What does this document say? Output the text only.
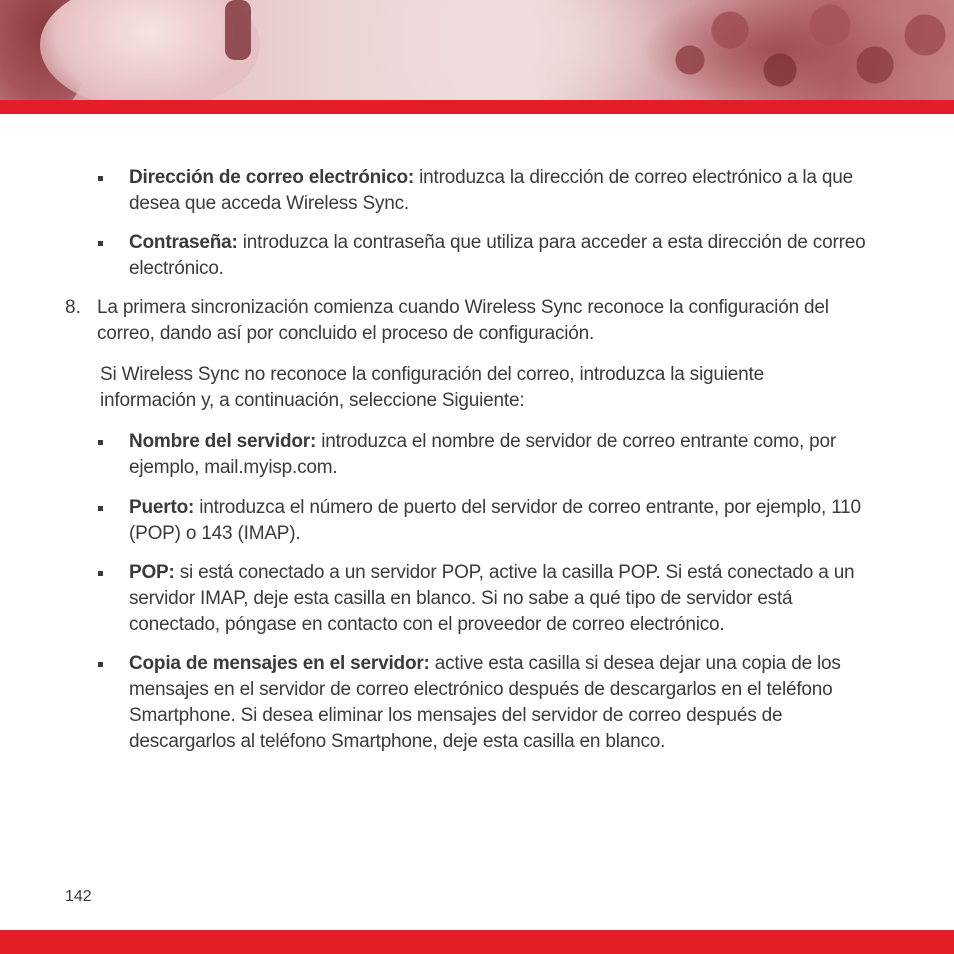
Dirección de correo electrónico: introduzca la dirección de correo electrónico a la que desea que acceda Wireless Sync.
Contraseña: introduzca la contraseña que utiliza para acceder a esta dirección de correo electrónico.
8. La primera sincronización comienza cuando Wireless Sync reconoce la configuración del correo, dando así por concluido el proceso de configuración.
Si Wireless Sync no reconoce la configuración del correo, introduzca la siguiente información y, a continuación, seleccione Siguiente:
Nombre del servidor: introduzca el nombre de servidor de correo entrante como, por ejemplo, mail.myisp.com.
Puerto: introduzca el número de puerto del servidor de correo entrante, por ejemplo, 110 (POP) o 143 (IMAP).
POP: si está conectado a un servidor POP, active la casilla POP. Si está conectado a un servidor IMAP, deje esta casilla en blanco. Si no sabe a qué tipo de servidor está conectado, póngase en contacto con el proveedor de correo electrónico.
Copia de mensajes en el servidor: active esta casilla si desea dejar una copia de los mensajes en el servidor de correo electrónico después de descargarlos en el teléfono Smartphone. Si desea eliminar los mensajes del servidor de correo después de descargarlos al teléfono Smartphone, deje esta casilla en blanco.
142
